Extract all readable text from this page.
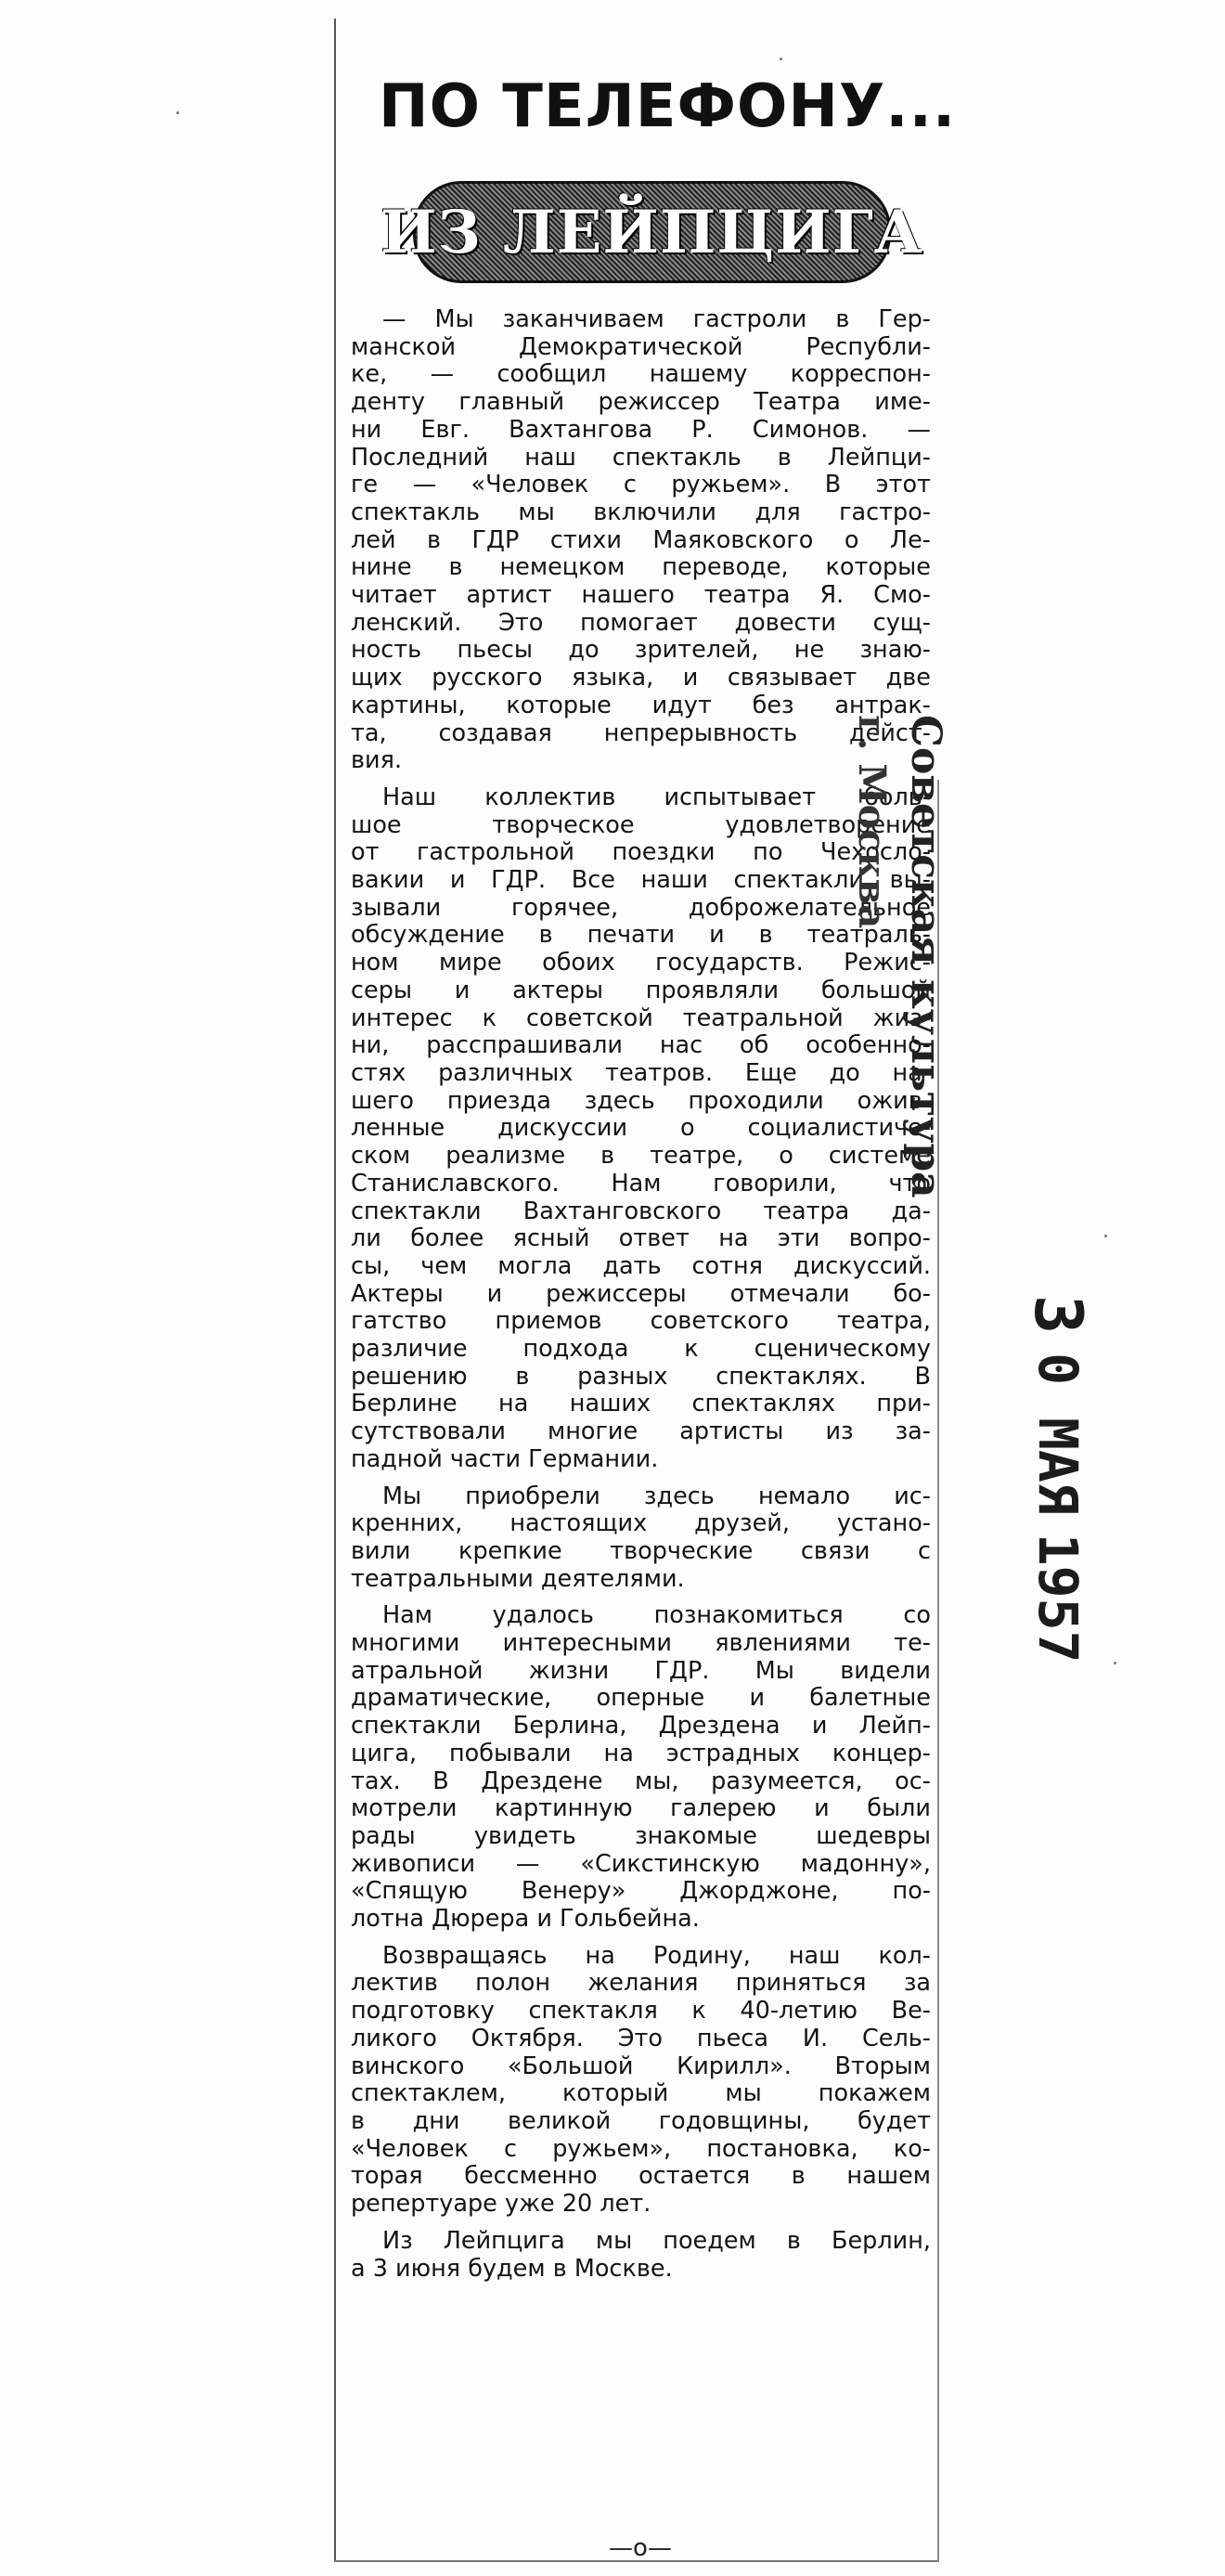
ПО ТЕЛЕФОНУ...
ИЗ ЛЕЙПЦИГА
— Мы заканчиваем гастроли в Гер-
манской Демократической Республи-
ке, — сообщил нашему корреспон-
денту главный режиссер Театра име-
ни Евг. Вахтангова Р. Симонов. —
Последний наш спектакль в Лейпци-
ге — «Человек с ружьем». В этот
спектакль мы включили для гастро-
лей в ГДР стихи Маяковского о Ле-
нине в немецком переводе, которые
читает артист нашего театра Я. Смо-
ленский. Это помогает довести сущ-
ность пьесы до зрителей, не знаю-
щих русского языка, и связывает две
картины, которые идут без антрак-
та, создавая непрерывность дейст-
вия.
Наш коллектив испытывает боль-
шое творческое удовлетворение
от гастрольной поездки по Чехосло-
вакии и ГДР. Все наши спектакли вы-
зывали горячее, доброжелательное
обсуждение в печати и в театраль-
ном мире обоих государств. Режис-
серы и актеры проявляли большой
интерес к советской театральной жиз-
ни, расспрашивали нас об особенно-
стях различных театров. Еще до на-
шего приезда здесь проходили ожив-
ленные дискуссии о социалистиче-
ском реализме в театре, о системе
Станиславского. Нам говорили, что
спектакли Вахтанговского театра да-
ли более ясный ответ на эти вопро-
сы, чем могла дать сотня дискуссий.
Актеры и режиссеры отмечали бо-
гатство приемов советского театра,
различие подхода к сценическому
решению в разных спектаклях. В
Берлине на наших спектаклях при-
сутствовали многие артисты из за-
падной части Германии.
Мы приобрели здесь немало ис-
кренних, настоящих друзей, устано-
вили крепкие творческие связи с
театральными деятелями.
Нам удалось познакомиться со
многими интересными явлениями те-
атральной жизни ГДР. Мы видели
драматические, оперные и балетные
спектакли Берлина, Дрездена и Лейп-
цига, побывали на эстрадных концер-
тах. В Дрездене мы, разумеется, ос-
мотрели картинную галерею и были
рады увидеть знакомые шедевры
живописи — «Сикстинскую мадонну»,
«Спящую Венеру» Джорджоне, по-
лотна Дюрера и Гольбейна.
Возвращаясь на Родину, наш кол-
лектив полон желания приняться за
подготовку спектакля к 40-летию Ве-
ликого Октября. Это пьеса И. Сель-
винского «Большой Кирилл». Вторым
спектаклем, который мы покажем
в дни великой годовщины, будет
«Человек с ружьем», постановка, ко-
торая бессменно остается в нашем
репертуаре уже 20 лет.
Из Лейпцига мы поедем в Берлин,
а 3 июня будем в Москве.
—о—
Советская культура
г. Москва
3
0 МАЯ
1957
